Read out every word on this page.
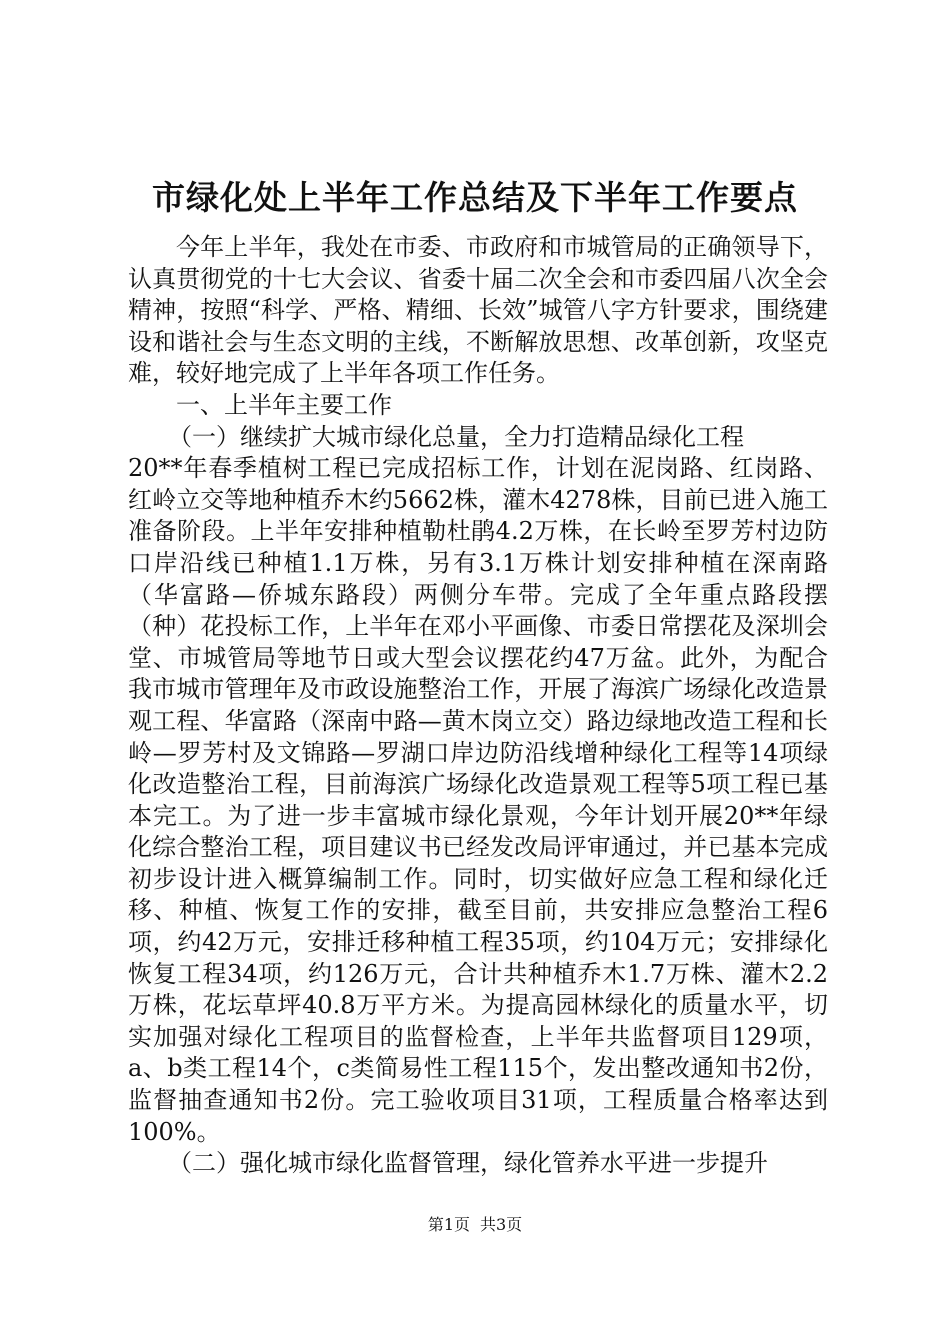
市绿化处上半年工作总结及下半年工作要点

今年上半年，我处在市委、市政府和市城管局的正确领导下，认真贯彻党的十七大会议、省委十届二次全会和市委四届八次全会精神，按照“科学、严格、精细、长效”城管八字方针要求，围绕建设和谐社会与生态文明的主线，不断解放思想、改革创新，攻坚克难，较好地完成了上半年各项工作任务。

一、上半年主要工作

（一）继续扩大城市绿化总量，全力打造精品绿化工程

20**年春季植树工程已完成招标工作，计划在泥岗路、红岗路、红岭立交等地种植乔木约5662株，灌木4278株，目前已进入施工准备阶段。上半年安排种植勒杜鹃4.2万株，在长岭至罗芳村边防口岸沿线已种植1.1万株，另有3.1万株计划安排种植在深南路（华富路—侨城东路段）两侧分车带。完成了全年重点路段摆（种）花投标工作，上半年在邓小平画像、市委日常摆花及深圳会堂、市城管局等地节日或大型会议摆花约47万盆。此外，为配合我市城市管理年及市政设施整治工作，开展了海滨广场绿化改造景观工程、华富路（深南中路—黄木岗立交）路边绿地改造工程和长岭—罗芳村及文锦路—罗湖口岸边防沿线增种绿化工程等14项绿化改造整治工程，目前海滨广场绿化改造景观工程等5项工程已基本完工。为了进一步丰富城市绿化景观，今年计划开展20**年绿化综合整治工程，项目建议书已经发改局评审通过，并已基本完成初步设计进入概算编制工作。同时，切实做好应急工程和绿化迁移、种植、恢复工作的安排，截至目前，共安排应急整治工程6项，约42万元，安排迁移种植工程35项，约104万元；安排绿化恢复工程34项，约126万元，合计共种植乔木1.7万株、灌木2.2万株，花坛草坪40.8万平方米。为提高园林绿化的质量水平，切实加强对绿化工程项目的监督检查，上半年共监督项目129项，a、b类工程14个，c类简易性工程115个，发出整改通知书2份，监督抽查通知书2份。完工验收项目31项，工程质量合格率达到100%。

（二）强化城市绿化监督管理，绿化管养水平进一步提升

第1页 共3页
